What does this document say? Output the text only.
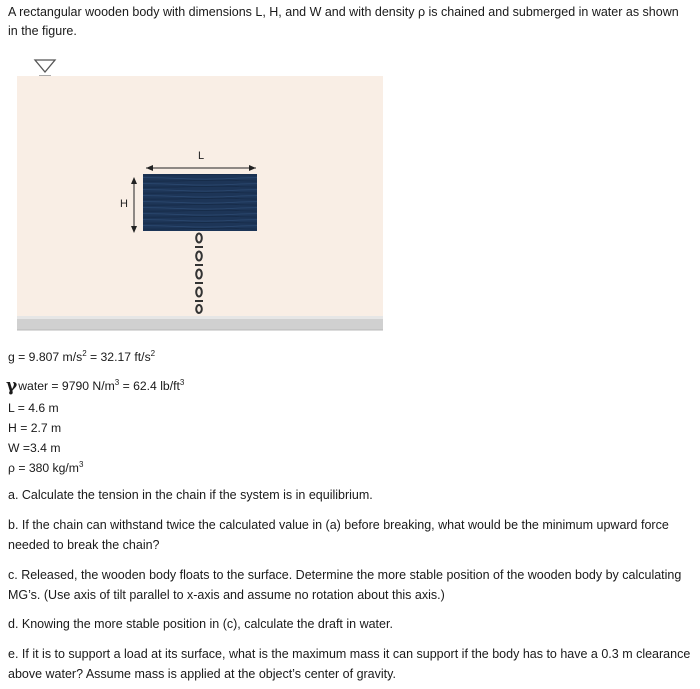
A rectangular wooden body with dimensions L, H, and W and with density ρ is chained and submerged in water as shown in the figure.
L
H
g = 9.807 $m/s^2 = 32.17$ $ft/s^2$
γwater = 9790 $N/m^3 = 62.4$ $lb/ft^3$
L = 4.6 m
H = 2.7 m
W =3.4 m
ρ = 380 $kg/m^3$
a. Calculate the tension in the chain if the system is in equilibrium.
b. If the chain can withstand twice the calculated value in (a) before breaking, what would be the minimum upward force needed to break the chain?
c. Released, the wooden body floats to the surface. Determine the more stable position of the wooden body by calculating MG’s. (Use axis of tilt parallel to x-axis and assume no rotation about this axis.)
d. Knowing the more stable position in (c), calculate the draft in water.
e. If it is to support a load at its surface, what is the maximum mass it can support if the body has to have a 0.3 m clearance above water? Assume mass is applied at the object’s center of gravity.
